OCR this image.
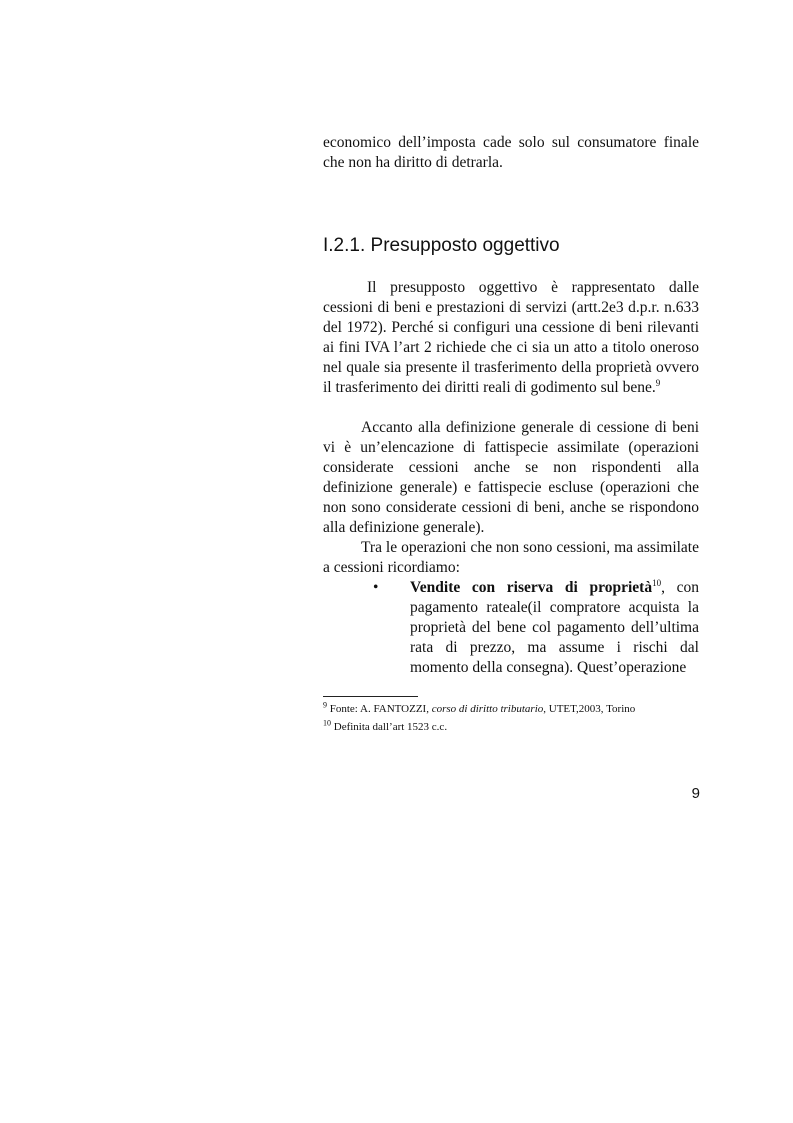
economico dell’imposta cade solo sul consumatore finale che non ha diritto di detrarla.

I.2.1. Presupposto oggettivo

Il presupposto oggettivo è rappresentato dalle cessioni di beni e prestazioni di servizi (artt.2e3 d.p.r. n.633 del 1972). Perché si configuri una cessione di beni rilevanti ai fini IVA l’art 2 richiede che ci sia un atto a titolo oneroso nel quale sia presente il trasferimento della proprietà ovvero il trasferimento dei diritti reali di godimento sul bene.$^9$

Accanto alla definizione generale di cessione di beni vi è un’elencazione di fattispecie assimilate (operazioni considerate cessioni anche se non rispondenti alla definizione generale) e fattispecie escluse (operazioni che non sono considerate cessioni di beni, anche se rispondono alla definizione generale).

Tra le operazioni che non sono cessioni, ma assimilate a cessioni ricordiamo:

• Vendite con riserva di proprietà$^{10}$, con pagamento rateale(il compratore acquista la proprietà del bene col pagamento dell’ultima rata di prezzo, ma assume i rischi dal momento della consegna). Quest’operazione

$^9$ Fonte: A. FANTOZZI, corso di diritto tributario, UTET,2003, Torino

$^{10}$ Definita dall’art 1523 c.c.

9
